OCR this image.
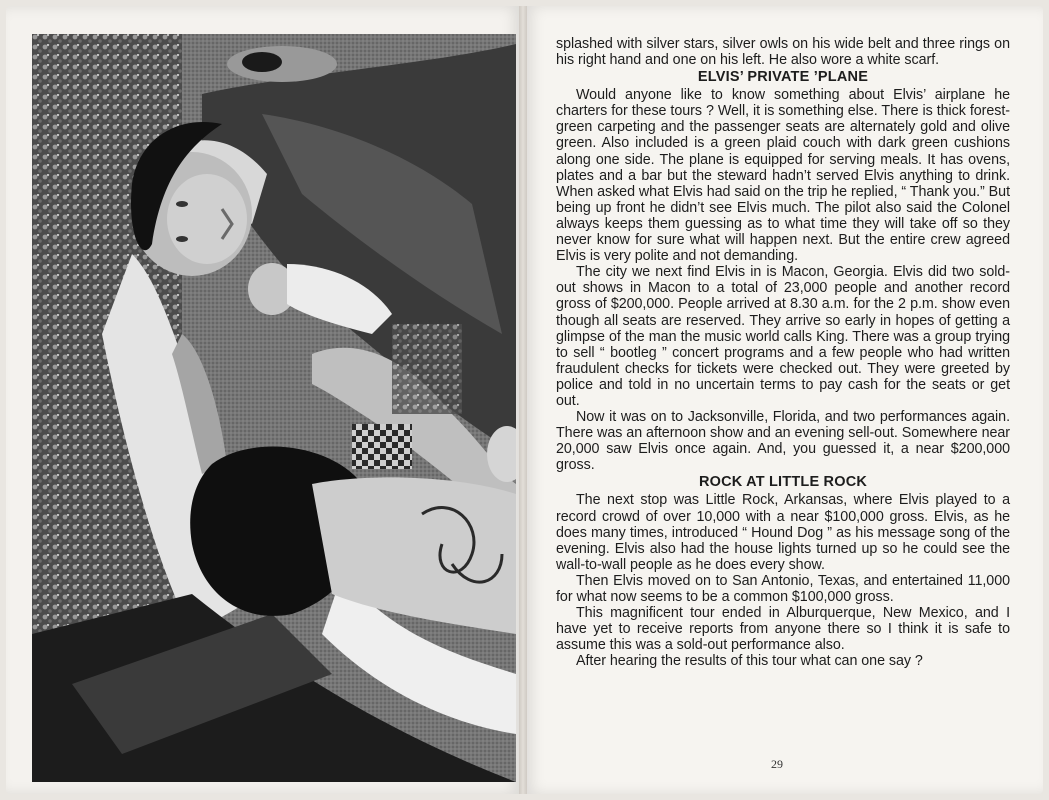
splashed with silver stars, silver owls on his wide belt and three rings on his right hand and one on his left. He also wore a white scarf.

ELVIS’ PRIVATE ’PLANE

Would anyone like to know something about Elvis’ airplane he charters for these tours ? Well, it is something else. There is thick forest-green carpeting and the passenger seats are alternately gold and olive green. Also included is a green plaid couch with dark green cushions along one side. The plane is equipped for serving meals. It has ovens, plates and a bar but the steward hadn’t served Elvis anything to drink. When asked what Elvis had said on the trip he replied, “ Thank you.” But being up front he didn’t see Elvis much. The pilot also said the Colonel always keeps them guessing as to what time they will take off so they never know for sure what will happen next. But the entire crew agreed Elvis is very polite and not demanding.

The city we next find Elvis in is Macon, Georgia. Elvis did two sold-out shows in Macon to a total of 23,000 people and another record gross of $200,000. People arrived at 8.30 a.m. for the 2 p.m. show even though all seats are reserved. They arrive so early in hopes of getting a glimpse of the man the music world calls King. There was a group trying to sell “ bootleg ” concert programs and a few people who had written fraudulent checks for tickets were checked out. They were greeted by police and told in no uncertain terms to pay cash for the seats or get out.

Now it was on to Jacksonville, Florida, and two performances again. There was an afternoon show and an evening sell-out. Somewhere near 20,000 saw Elvis once again. And, you guessed it, a near $200,000 gross.

ROCK AT LITTLE ROCK

The next stop was Little Rock, Arkansas, where Elvis played to a record crowd of over 10,000 with a near $100,000 gross. Elvis, as he does many times, introduced “ Hound Dog ” as his message song of the evening. Elvis also had the house lights turned up so he could see the wall-to-wall people as he does every show.

Then Elvis moved on to San Antonio, Texas, and entertained 11,000 for what now seems to be a common $100,000 gross.

This magnificent tour ended in Alburquerque, New Mexico, and I have yet to receive reports from anyone there so I think it is safe to assume this was a sold-out performance also.

After hearing the results of this tour what can one say ?

29
